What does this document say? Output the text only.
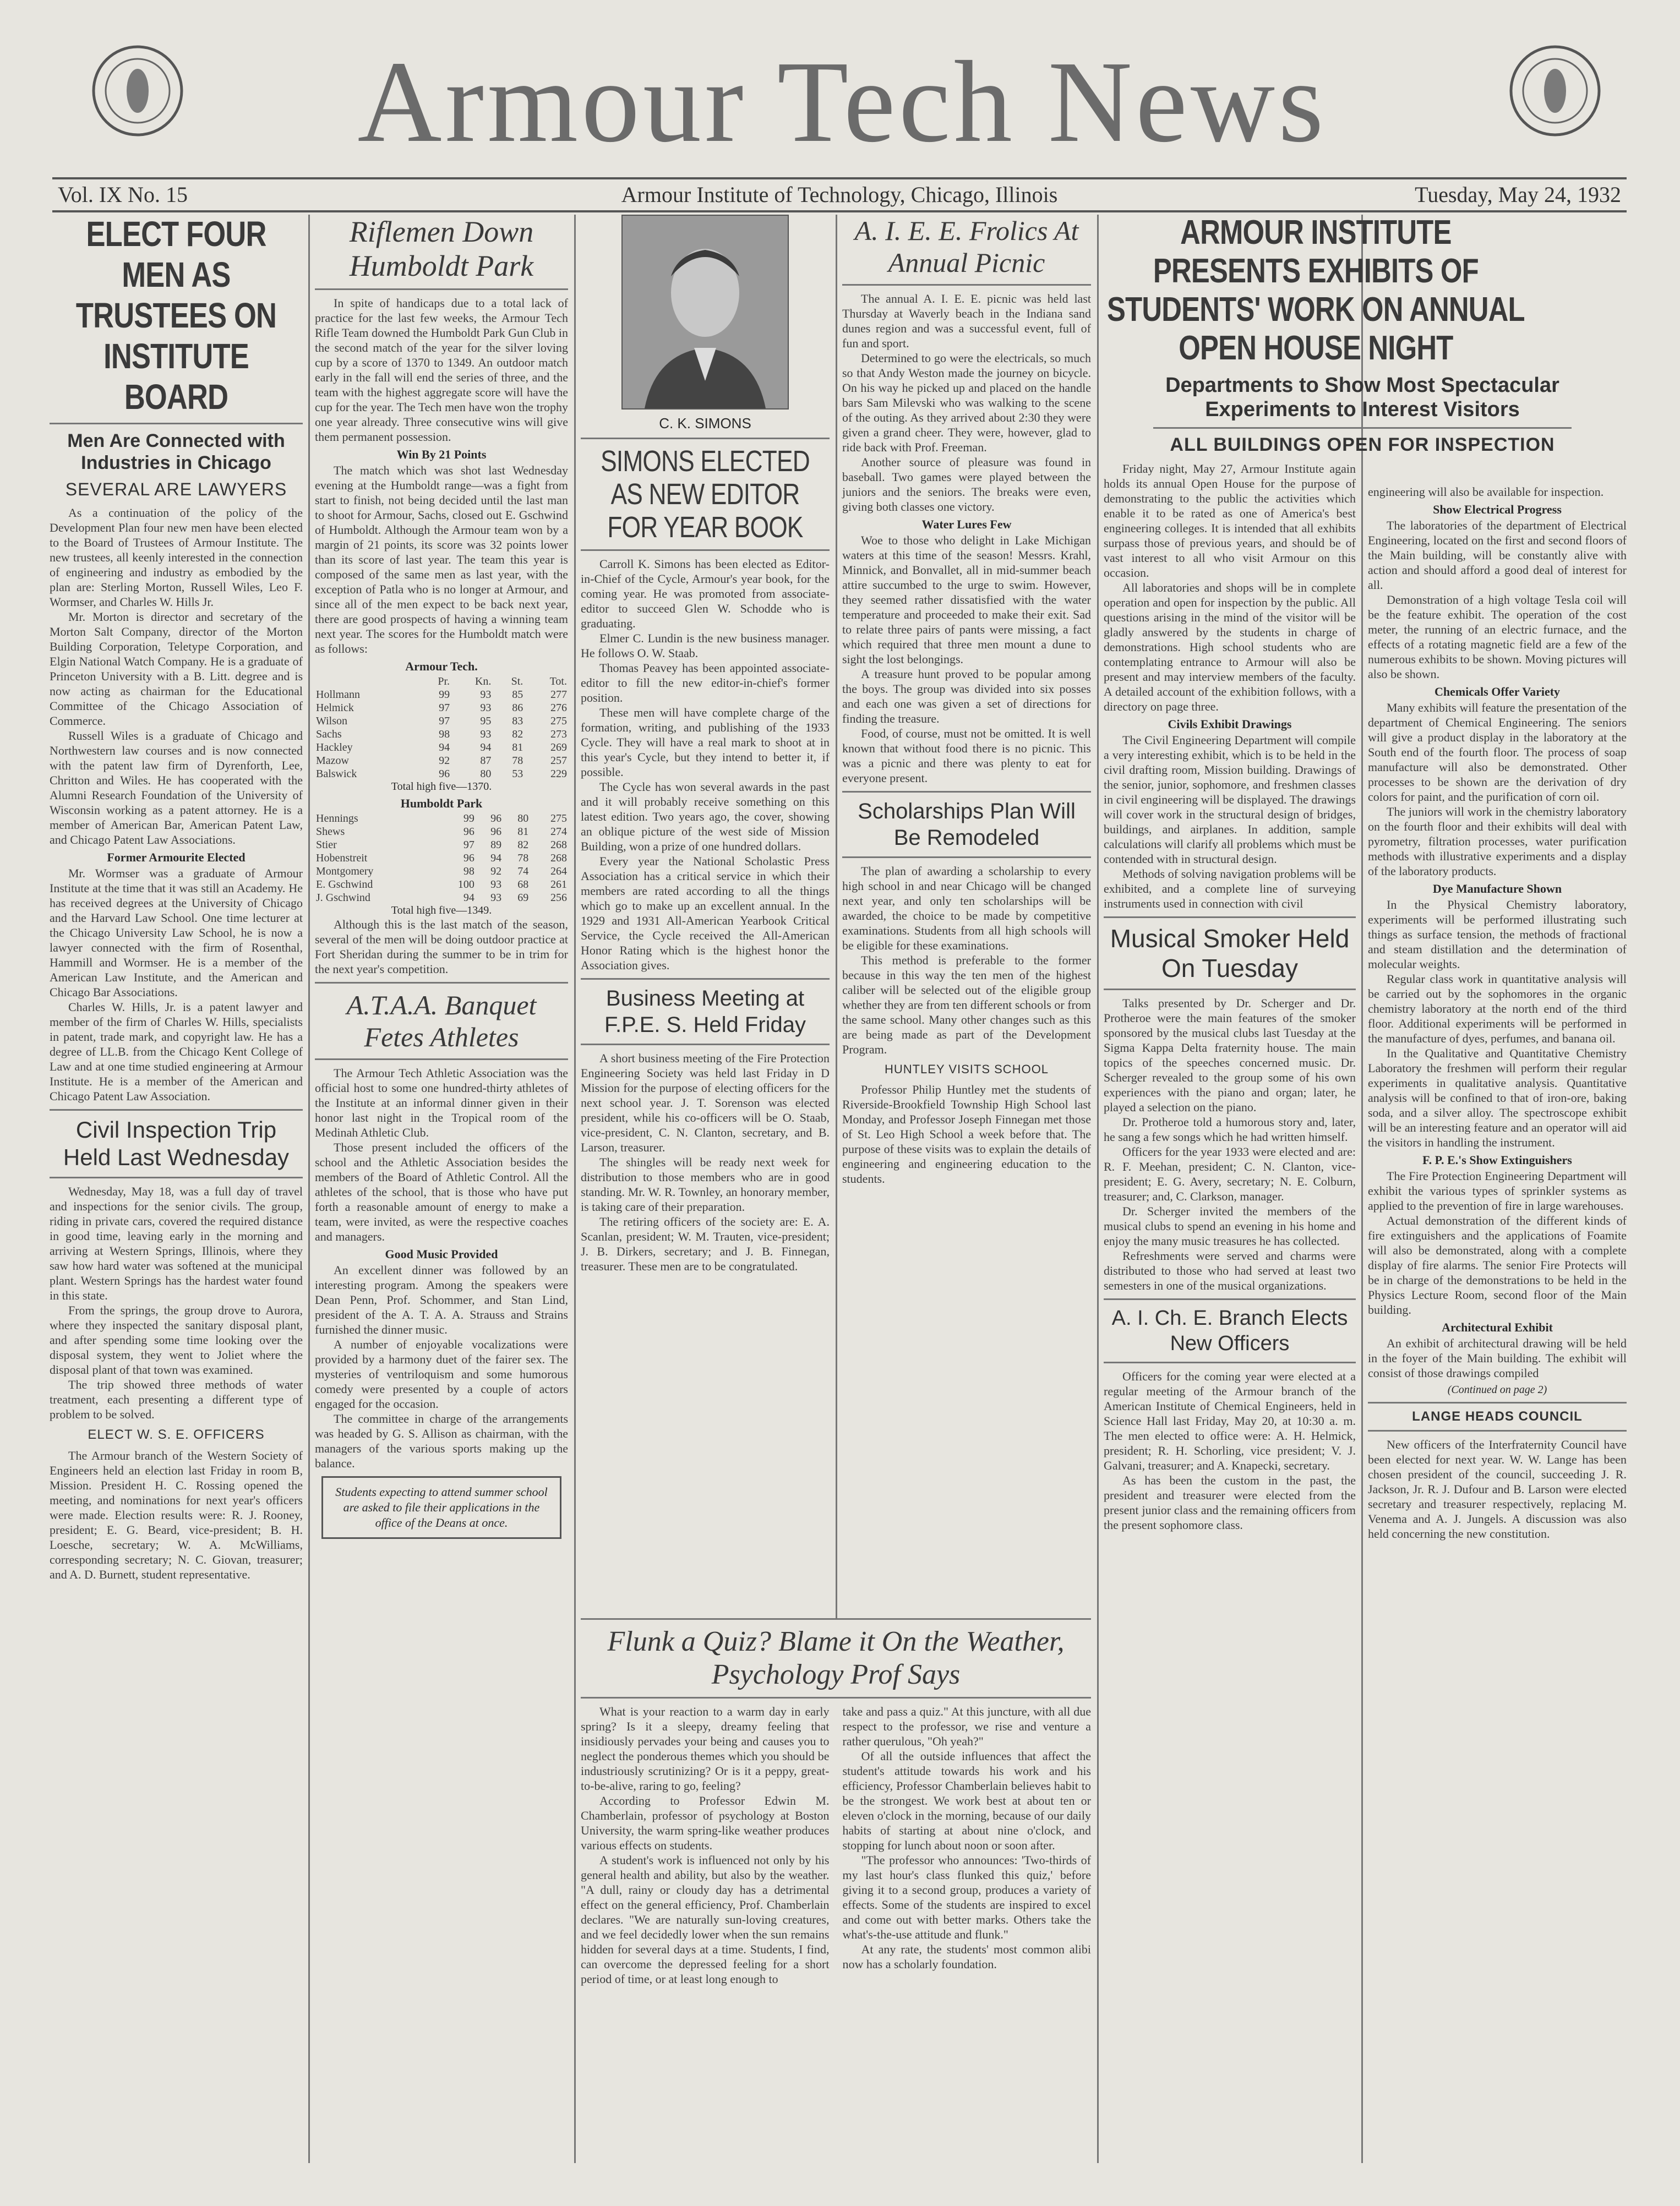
Armour Tech News
Vol. IX No. 15	Armour Institute of Technology, Chicago, Illinois	Tuesday, May 24, 1932
ELECT FOUR MEN AS TRUSTEES ON INSTITUTE BOARD
Men Are Connected with Industries in Chicago
SEVERAL ARE LAWYERS

As a continuation of the policy of the Development Plan four new men have been elected to the Board of Trustees of Armour Institute. The new trustees, all keenly interested in the connection of engineering and industry as embodied by the plan are: Sterling Morton, Russell Wiles, Leo F. Wormser, and Charles W. Hills Jr.

Mr. Morton is director and secretary of the Morton Salt Company, director of the Morton Building Corporation, Teletype Corporation, and Elgin National Watch Company. He is a graduate of Princeton University with a B. Litt. degree and is now acting as chairman for the Educational Committee of the Chicago Association of Commerce.

Russell Wiles is a graduate of Chicago and Northwestern law courses and is now connected with the patent law firm of Dyrenforth, Lee, Chritton and Wiles. He has cooperated with the Alumni Research Foundation of the University of Wisconsin working as a patent attorney. He is a member of American Bar, American Patent Law, and Chicago Patent Law Associations.

Former Armourite Elected

Mr. Wormser was a graduate of Armour Institute at the time that it was still an Academy. He has received degrees at the University of Chicago and the Harvard Law School. One time lecturer at the Chicago University Law School, he is now a lawyer connected with the firm of Rosenthal, Hammill and Wormser. He is a member of the American Law Institute, and the American and Chicago Bar Associations.

Charles W. Hills, Jr. is a patent lawyer and member of the firm of Charles W. Hills, specialists in patent, trade mark, and copyright law. He has a degree of LL.B. from the Chicago Kent College of Law and at one time studied engineering at Armour Institute. He is a member of the American and Chicago Patent Law Association.

Civil Inspection Trip Held Last Wednesday

Wednesday, May 18, was a full day of travel and inspections for the senior civils. The group, riding in private cars, covered the required distance in good time, leaving early in the morning and arriving at Western Springs, Illinois, where they saw how hard water was softened at the municipal plant. Western Springs has the hardest water found in this state.

From the springs, the group drove to Aurora, where they inspected the sanitary disposal plant, and after spending some time looking over the disposal system, they went to Joliet where the disposal plant of that town was examined.

The trip showed three methods of water treatment, each presenting a different type of problem to be solved.

ELECT W. S. E. OFFICERS

The Armour branch of the Western Society of Engineers held an election last Friday in room B, Mission. President H. C. Rossing opened the meeting, and nominations for next year's officers were made. Election results were: R. J. Rooney, president; E. G. Beard, vice-president; B. H. Loesche, secretary; W. A. McWilliams, corresponding secretary; N. C. Giovan, treasurer; and A. D. Burnett, student representative.

Riflemen Down Humboldt Park

In spite of handicaps due to a total lack of practice for the last few weeks, the Armour Tech Rifle Team downed the Humboldt Park Gun Club in the second match of the year for the silver loving cup by a score of 1370 to 1349. An outdoor match early in the fall will end the series of three, and the team with the highest aggregate score will have the cup for the year. The Tech men have won the trophy one year already. Three consecutive wins will give them permanent possession.

Win By 21 Points

The match which was shot last Wednesday evening at the Humboldt range—was a fight from start to finish, not being decided until the last man to shoot for Armour, Sachs, closed out E. Gschwind of Humboldt. Although the Armour team won by a margin of 21 points, its score was 32 points lower than its score of last year. The team this year is composed of the same men as last year, with the exception of Patla who is no longer at Armour, and since all of the men expect to be back next year, there are good prospects of having a winning team next year. The scores for the Humboldt match were as follows:

Armour Tech.
	Pr.	Kn.	St.	Tot.
Hollmann	99	93	85	277
Helmick	97	93	86	276
Wilson	97	95	83	275
Sachs	98	93	82	273
Hackley	94	94	81	269
Mazow	92	87	78	257
Balswick	96	80	53	229
Total high five—1370.
Humboldt Park
Hennings	99	96	80	275
Shews	96	96	81	274
Stier	97	89	82	268
Hobenstreit	96	94	78	268
Montgomery	98	92	74	264
E. Gschwind	100	93	68	261
J. Gschwind	94	93	69	256
Total high five—1349.

Although this is the last match of the season, several of the men will be doing outdoor practice at Fort Sheridan during the summer to be in trim for the next year's competition.

A.T.A.A. Banquet Fetes Athletes

The Armour Tech Athletic Association was the official host to some one hundred-thirty athletes of the Institute at an informal dinner given in their honor last night in the Tropical room of the Medinah Athletic Club.

Those present included the officers of the school and the Athletic Association besides the members of the Board of Athletic Control. All the athletes of the school, that is those who have put forth a reasonable amount of energy to make a team, were invited, as were the respective coaches and managers.

Good Music Provided

An excellent dinner was followed by an interesting program. Among the speakers were Dean Penn, Prof. Schommer, and Stan Lind, president of the A. T. A. A. Strauss and Strains furnished the dinner music.

A number of enjoyable vocalizations were provided by a harmony duet of the fairer sex. The mysteries of ventriloquism and some humorous comedy were presented by a couple of actors engaged for the occasion.

The committee in charge of the arrangements was headed by G. S. Allison as chairman, with the managers of the various sports making up the balance.

Students expecting to attend summer school are asked to file their applications in the office of the Deans at once.
C. K. SIMONS
SIMONS ELECTED AS NEW EDITOR FOR YEAR BOOK

Carroll K. Simons has been elected as Editor-in-Chief of the Cycle, Armour's year book, for the coming year. He was promoted from associate-editor to succeed Glen W. Schodde who is graduating.

Elmer C. Lundin is the new business manager. He follows O. W. Staab.

Thomas Peavey has been appointed associate-editor to fill the new editor-in-chief's former position.

These men will have complete charge of the formation, writing, and publishing of the 1933 Cycle. They will have a real mark to shoot at in this year's Cycle, but they intend to better it, if possible.

The Cycle has won several awards in the past and it will probably receive something on this latest edition. Two years ago, the cover, showing an oblique picture of the west side of Mission Building, won a prize of one hundred dollars.

Every year the National Scholastic Press Association has a critical service in which their members are rated according to all the things which go to make up an excellent annual. In the 1929 and 1931 All-American Yearbook Critical Service, the Cycle received the All-American Honor Rating which is the highest honor the Association gives.

Business Meeting at F.P.E. S. Held Friday

A short business meeting of the Fire Protection Engineering Society was held last Friday in D Mission for the purpose of electing officers for the next school year. J. T. Sorenson was elected president, while his co-officers will be O. Staab, vice-president, C. N. Clanton, secretary, and B. Larson, treasurer.

The shingles will be ready next week for distribution to those members who are in good standing. Mr. W. R. Townley, an honorary member, is taking care of their preparation.

The retiring officers of the society are: E. A. Scanlan, president; W. M. Trauten, vice-president; J. B. Dirkers, secretary; and J. B. Finnegan, treasurer. These men are to be congratulated.

A. I. E. E. Frolics At Annual Picnic

The annual A. I. E. E. picnic was held last Thursday at Waverly beach in the Indiana sand dunes region and was a successful event, full of fun and sport.

Determined to go were the electricals, so much so that Andy Weston made the journey on bicycle. On his way he picked up and placed on the handle bars Sam Milevski who was walking to the scene of the outing. As they arrived about 2:30 they were given a grand cheer. They were, however, glad to ride back with Prof. Freeman.

Another source of pleasure was found in baseball. Two games were played between the juniors and the seniors. The breaks were even, giving both classes one victory.

Water Lures Few

Woe to those who delight in Lake Michigan waters at this time of the season! Messrs. Krahl, Minnick, and Bonvallet, all in mid-summer beach attire succumbed to the urge to swim. However, they seemed rather dissatisfied with the water temperature and proceeded to make their exit. Sad to relate three pairs of pants were missing, a fact which required that three men mount a dune to sight the lost belongings.

A treasure hunt proved to be popular among the boys. The group was divided into six posses and each one was given a set of directions for finding the treasure.

Food, of course, must not be omitted. It is well known that without food there is no picnic. This was a picnic and there was plenty to eat for everyone present.

Scholarships Plan Will Be Remodeled

The plan of awarding a scholarship to every high school in and near Chicago will be changed next year, and only ten scholarships will be awarded, the choice to be made by competitive examinations. Students from all high schools will be eligible for these examinations.

This method is preferable to the former because in this way the ten men of the highest caliber will be selected out of the eligible group whether they are from ten different schools or from the same school. Many other changes such as this are being made as part of the Development Program.

HUNTLEY VISITS SCHOOL

Professor Philip Huntley met the students of Riverside-Brookfield Township High School last Monday, and Professor Joseph Finnegan met those of St. Leo High School a week before that. The purpose of these visits was to explain the details of engineering and engineering education to the students.

Flunk a Quiz? Blame it On the Weather, Psychology Prof Says

What is your reaction to a warm day in early spring? Is it a sleepy, dreamy feeling that insidiously pervades your being and causes you to neglect the ponderous themes which you should be industriously scrutinizing? Or is it a peppy, great-to-be-alive, raring to go, feeling?

According to Professor Edwin M. Chamberlain, professor of psychology at Boston University, the warm spring-like weather produces various effects on students.

A student's work is influenced not only by his general health and ability, but also by the weather. "A dull, rainy or cloudy day has a detrimental effect on the general efficiency, Prof. Chamberlain declares. "We are naturally sun-loving creatures, and we feel decidedly lower when the sun remains hidden for several days at a time. Students, I find, can overcome the depressed feeling for a short period of time, or at least long enough to

take and pass a quiz." At this juncture, with all due respect to the professor, we rise and venture a rather querulous, "Oh yeah?"

Of all the outside influences that affect the student's attitude towards his work and his efficiency, Professor Chamberlain believes habit to be the strongest. We work best at about ten or eleven o'clock in the morning, because of our daily habits of starting at about nine o'clock, and stopping for lunch about noon or soon after.

"The professor who announces: 'Two-thirds of my last hour's class flunked this quiz,' before giving it to a second group, produces a variety of effects. Some of the students are inspired to excel and come out with better marks. Others take the what's-the-use attitude and flunk."

At any rate, the students' most common alibi now has a scholarly foundation.

ARMOUR INSTITUTE PRESENTS EXHIBITS OF STUDENTS' WORK ON ANNUAL OPEN HOUSE NIGHT
Departments to Show Most Spectacular Experiments to Interest Visitors
ALL BUILDINGS OPEN FOR INSPECTION

Friday night, May 27, Armour Institute again holds its annual Open House for the purpose of demonstrating to the public the activities which enable it to be rated as one of America's best engineering colleges. It is intended that all exhibits surpass those of previous years, and should be of vast interest to all who visit Armour on this occasion.

All laboratories and shops will be in complete operation and open for inspection by the public. All questions arising in the mind of the visitor will be gladly answered by the students in charge of demonstrations. High school students who are contemplating entrance to Armour will also be present and may interview members of the faculty. A detailed account of the exhibition follows, with a directory on page three.

Civils Exhibit Drawings

The Civil Engineering Department will compile a very interesting exhibit, which is to be held in the civil drafting room, Mission building. Drawings of the senior, junior, sophomore, and freshmen classes in civil engineering will be displayed. The drawings will cover work in the structural design of bridges, buildings, and airplanes. In addition, sample calculations will clarify all problems which must be contended with in structural design.

Methods of solving navigation problems will be exhibited, and a complete line of surveying instruments used in connection with civil

Musical Smoker Held On Tuesday

Talks presented by Dr. Scherger and Dr. Protheroe were the main features of the smoker sponsored by the musical clubs last Tuesday at the Sigma Kappa Delta fraternity house. The main topics of the speeches concerned music. Dr. Scherger revealed to the group some of his own experiences with the piano and organ; later, he played a selection on the piano.

Dr. Protheroe told a humorous story and, later, he sang a few songs which he had written himself.

Officers for the year 1933 were elected and are: R. F. Meehan, president; C. N. Clanton, vice-president; E. G. Avery, secretary; N. E. Colburn, treasurer; and, C. Clarkson, manager.

Dr. Scherger invited the members of the musical clubs to spend an evening in his home and enjoy the many music treasures he has collected.

Refreshments were served and charms were distributed to those who had served at least two semesters in one of the musical organizations.

A. I. Ch. E. Branch Elects New Officers

Officers for the coming year were elected at a regular meeting of the Armour branch of the American Institute of Chemical Engineers, held in Science Hall last Friday, May 20, at 10:30 a. m. The men elected to office were: A. H. Helmick, president; R. H. Schorling, vice president; V. J. Galvani, treasurer; and A. Knapecki, secretary.

As has been the custom in the past, the president and treasurer were elected from the present junior class and the remaining officers from the present sophomore class.

engineering will also be available for inspection.

Show Electrical Progress

The laboratories of the department of Electrical Engineering, located on the first and second floors of the Main building, will be constantly alive with action and should afford a good deal of interest for all.

Demonstration of a high voltage Tesla coil will be the feature exhibit. The operation of the cost meter, the running of an electric furnace, and the effects of a rotating magnetic field are a few of the numerous exhibits to be shown. Moving pictures will also be shown.

Chemicals Offer Variety

Many exhibits will feature the presentation of the department of Chemical Engineering. The seniors will give a product display in the laboratory at the South end of the fourth floor. The process of soap manufacture will also be demonstrated. Other processes to be shown are the derivation of dry colors for paint, and the purification of corn oil.

The juniors will work in the chemistry laboratory on the fourth floor and their exhibits will deal with pyrometry, filtration processes, water purification methods with illustrative experiments and a display of the laboratory products.

Dye Manufacture Shown

In the Physical Chemistry laboratory, experiments will be performed illustrating such things as surface tension, the methods of fractional and steam distillation and the determination of molecular weights.

Regular class work in quantitative analysis will be carried out by the sophomores in the organic chemistry laboratory at the north end of the third floor. Additional experiments will be performed in the manufacture of dyes, perfumes, and banana oil.

In the Qualitative and Quantitative Chemistry Laboratory the freshmen will perform their regular experiments in qualitative analysis. Quantitative analysis will be confined to that of iron-ore, baking soda, and a silver alloy. The spectroscope exhibit will be an interesting feature and an operator will aid the visitors in handling the instrument.

F. P. E.'s Show Extinguishers

The Fire Protection Engineering Department will exhibit the various types of sprinkler systems as applied to the prevention of fire in large warehouses.

Actual demonstration of the different kinds of fire extinguishers and the applications of Foamite will also be demonstrated, along with a complete display of fire alarms. The senior Fire Protects will be in charge of the demonstrations to be held in the Physics Lecture Room, second floor of the Main building.

Architectural Exhibit

An exhibit of architectural drawing will be held in the foyer of the Main building. The exhibit will consist of those drawings compiled

(Continued on page 2)
LANGE HEADS COUNCIL

New officers of the Interfraternity Council have been elected for next year. W. W. Lange has been chosen president of the council, succeeding J. R. Jackson, Jr. R. J. Dufour and B. Larson were elected secretary and treasurer respectively, replacing M. Venema and A. J. Jungels. A discussion was also held concerning the new constitution.
